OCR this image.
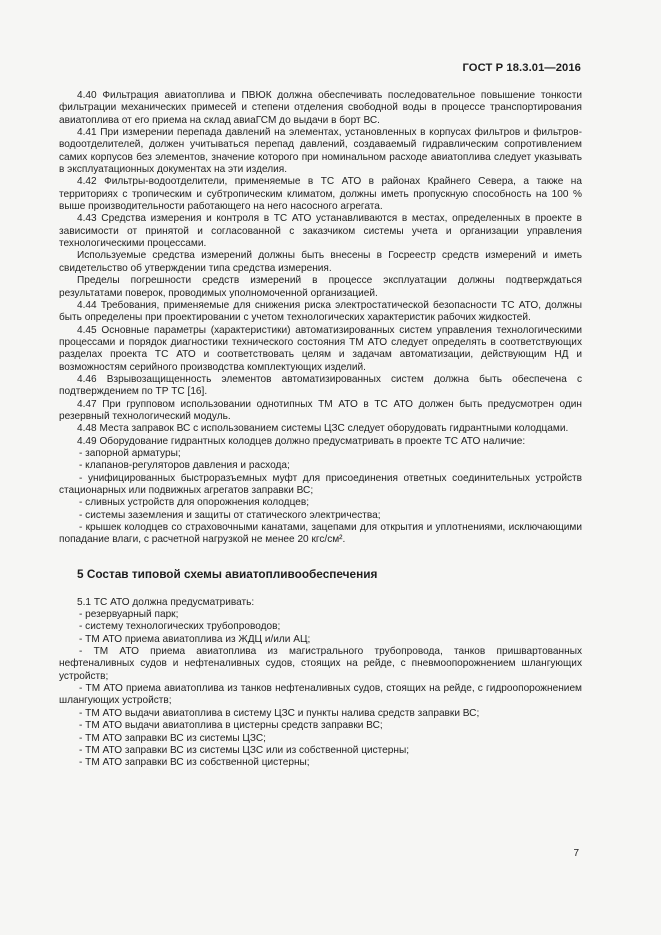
ГОСТ Р 18.3.01—2016

4.40 Фильтрация авиатоплива и ПВЮК должна обеспечивать последовательное повышение тонкости фильтрации механических примесей и степени отделения свободной воды в процессе транспортирования авиатоплива от его приема на склад авиаГСМ до выдачи в борт ВС.

4.41 При измерении перепада давлений на элементах, установленных в корпусах фильтров и фильтров-водоотделителей, должен учитываться перепад давлений, создаваемый гидравлическим сопротивлением самих корпусов без элементов, значение которого при номинальном расходе авиатоплива следует указывать в эксплуатационных документах на эти изделия.

4.42 Фильтры-водоотделители, применяемые в ТС АТО в районах Крайнего Севера, а также на территориях с тропическим и субтропическим климатом, должны иметь пропускную способность на 100 % выше производительности работающего на него насосного агрегата.

4.43 Средства измерения и контроля в ТС АТО устанавливаются в местах, определенных в проекте в зависимости от принятой и согласованной с заказчиком системы учета и организации управления технологическими процессами.

Используемые средства измерений должны быть внесены в Госреестр средств измерений и иметь свидетельство об утверждении типа средства измерения.

Пределы погрешности средств измерений в процессе эксплуатации должны подтверждаться результатами поверок, проводимых уполномоченной организацией.

4.44 Требования, применяемые для снижения риска электростатической безопасности ТС АТО, должны быть определены при проектировании с учетом технологических характеристик рабочих жидкостей.

4.45 Основные параметры (характеристики) автоматизированных систем управления технологическими процессами и порядок диагностики технического состояния ТМ АТО следует определять в соответствующих разделах проекта ТС АТО и соответствовать целям и задачам автоматизации, действующим НД и возможностям серийного производства комплектующих изделий.

4.46 Взрывозащищенность элементов автоматизированных систем должна быть обеспечена с подтверждением по ТР ТС [16].

4.47 При групповом использовании однотипных ТМ АТО в ТС АТО должен быть предусмотрен один резервный технологический модуль.

4.48 Места заправок ВС с использованием системы ЦЗС следует оборудовать гидрантными колодцами.

4.49 Оборудование гидрантных колодцев должно предусматривать в проекте ТС АТО наличие:

- запорной арматуры;

- клапанов-регуляторов давления и расхода;

- унифицированных быстроразъемных муфт для присоединения ответных соединительных устройств стационарных или подвижных агрегатов заправки ВС;

- сливных устройств для опорожнения колодцев;

- системы заземления и защиты от статического электричества;

- крышек колодцев со страховочными канатами, зацепами для открытия и уплотнениями, исключающими попадание влаги, с расчетной нагрузкой не менее 20 кгс/см².

5 Состав типовой схемы авиатопливообеспечения

5.1 ТС АТО должна предусматривать:

- резервуарный парк;

- систему технологических трубопроводов;

- ТМ АТО приема авиатоплива из ЖДЦ и/или АЦ;

- ТМ АТО приема авиатоплива из магистрального трубопровода, танков пришвартованных нефтеналивных судов и нефтеналивных судов, стоящих на рейде, с пневмоопорожнением шлангующих устройств;

- ТМ АТО приема авиатоплива из танков нефтеналивных судов, стоящих на рейде, с гидроопорожнением шлангующих устройств;

- ТМ АТО выдачи авиатоплива в систему ЦЗС и пункты налива средств заправки ВС;

- ТМ АТО выдачи авиатоплива в цистерны средств заправки ВС;

- ТМ АТО заправки ВС из системы ЦЗС;

- ТМ АТО заправки ВС из системы ЦЗС или из собственной цистерны;

- ТМ АТО заправки ВС из собственной цистерны;

7
